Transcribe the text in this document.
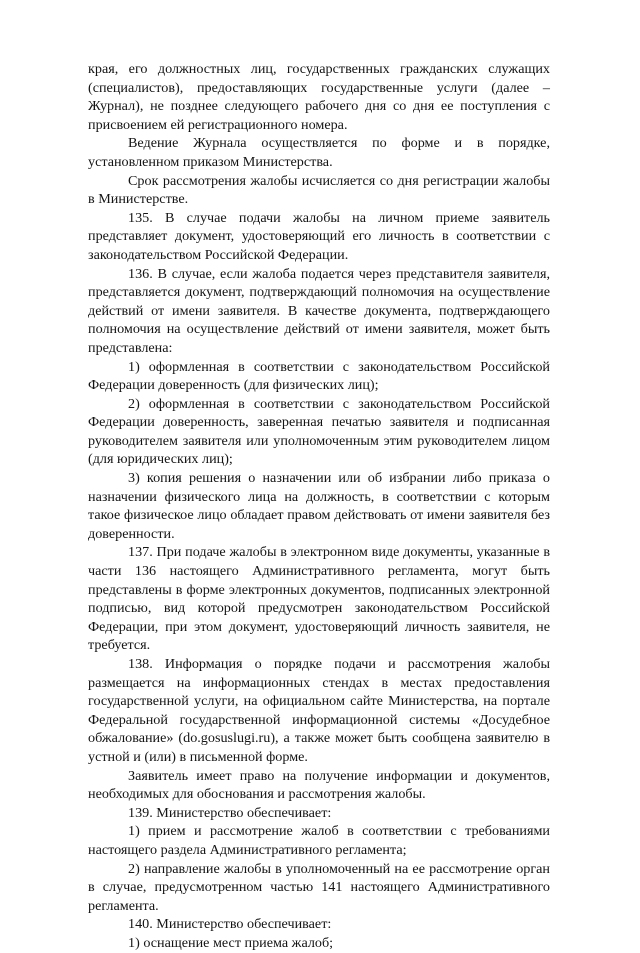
края, его должностных лиц, государственных гражданских служащих (специалистов), предоставляющих государственные услуги (далее – Журнал), не позднее следующего рабочего дня со дня ее поступления с присвоением ей регистрационного номера.

Ведение Журнала осуществляется по форме и в порядке, установленном приказом Министерства.

Срок рассмотрения жалобы исчисляется со дня регистрации жалобы в Министерстве.

135. В случае подачи жалобы на личном приеме заявитель представляет документ, удостоверяющий его личность в соответствии с законодательством Российской Федерации.

136. В случае, если жалоба подается через представителя заявителя, представляется документ, подтверждающий полномочия на осуществление действий от имени заявителя. В качестве документа, подтверждающего полномочия на осуществление действий от имени заявителя, может быть представлена:

1) оформленная в соответствии с законодательством Российской Федерации доверенность (для физических лиц);

2) оформленная в соответствии с законодательством Российской Федерации доверенность, заверенная печатью заявителя и подписанная руководителем заявителя или уполномоченным этим руководителем лицом (для юридических лиц);

3) копия решения о назначении или об избрании либо приказа о назначении физического лица на должность, в соответствии с которым такое физическое лицо обладает правом действовать от имени заявителя без доверенности.

137. При подаче жалобы в электронном виде документы, указанные в части 136 настоящего Административного регламента, могут быть представлены в форме электронных документов, подписанных электронной подписью, вид которой предусмотрен законодательством Российской Федерации, при этом документ, удостоверяющий личность заявителя, не требуется.

138. Информация о порядке подачи и рассмотрения жалобы размещается на информационных стендах в местах предоставления государственной услуги, на официальном сайте Министерства, на портале Федеральной государственной информационной системы «Досудебное обжалование» (do.gosuslugi.ru), а также может быть сообщена заявителю в устной и (или) в письменной форме.

Заявитель имеет право на получение информации и документов, необходимых для обоснования и рассмотрения жалобы.

139. Министерство обеспечивает:

1) прием и рассмотрение жалоб в соответствии с требованиями настоящего раздела Административного регламента;

2) направление жалобы в уполномоченный на ее рассмотрение орган в случае, предусмотренном частью 141 настоящего Административного регламента.

140. Министерство обеспечивает:

1) оснащение мест приема жалоб;
